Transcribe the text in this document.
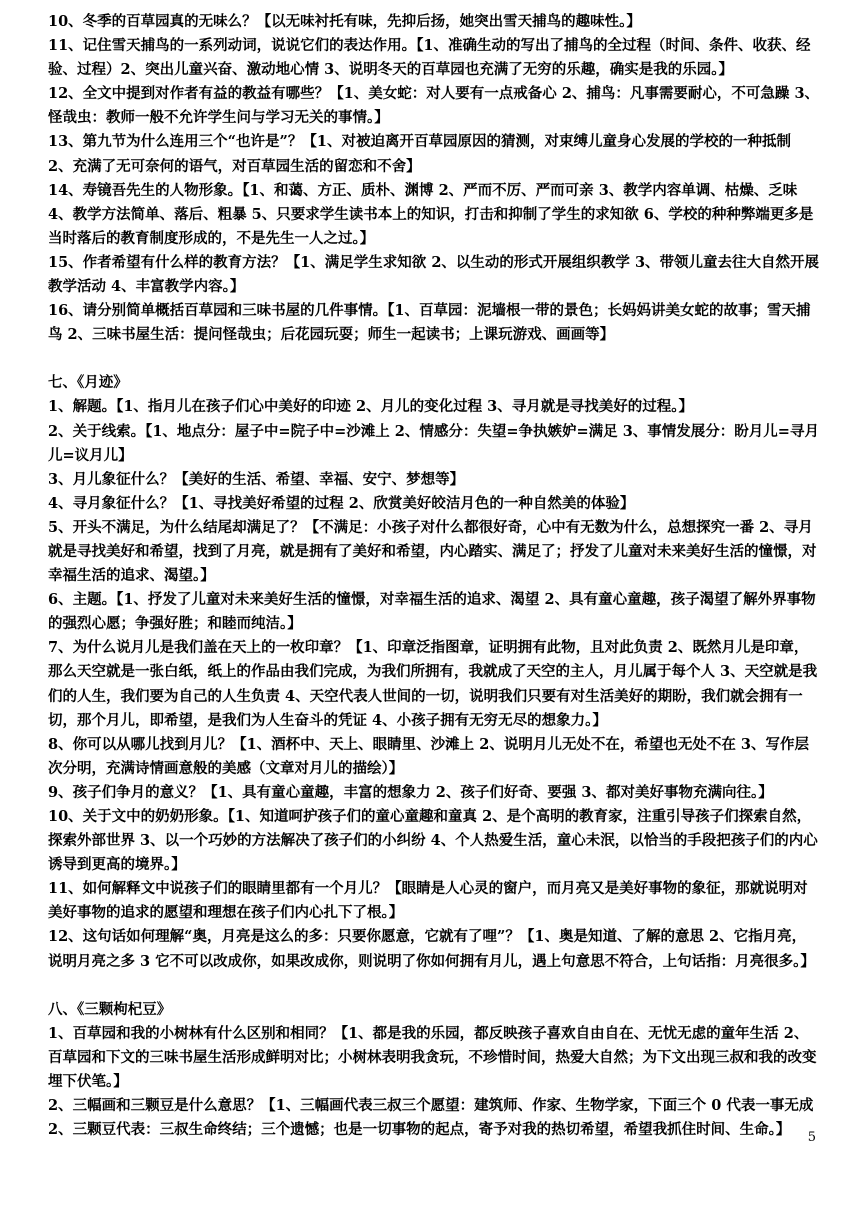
10、冬季的百草园真的无味么？【以无味衬托有味，先抑后扬，她突出雪天捕鸟的趣味性。】

11、记住雪天捕鸟的一系列动词，说说它们的表达作用。【1、准确生动的写出了捕鸟的全过程（时间、条件、收获、经验、过程）2、突出儿童兴奋、激动地心情 3、说明冬天的百草园也充满了无穷的乐趣，确实是我的乐园。】

12、全文中提到对作者有益的教益有哪些？【1、美女蛇：对人要有一点戒备心 2、捕鸟：凡事需要耐心，不可急躁 3、怪哉虫：教师一般不允许学生问与学习无关的事情。】

13、第九节为什么连用三个“也许是”？【1、对被迫离开百草园原因的猜测，对束缚儿童身心发展的学校的一种抵制 2、充满了无可奈何的语气，对百草园生活的留恋和不舍】

14、寿镜吾先生的人物形象。【1、和蔼、方正、质朴、渊博 2、严而不厉、严而可亲 3、教学内容单调、枯燥、乏味 4、教学方法简单、落后、粗暴 5、只要求学生读书本上的知识，打击和抑制了学生的求知欲 6、学校的种种弊端更多是当时落后的教育制度形成的，不是先生一人之过。】

15、作者希望有什么样的教育方法？【1、满足学生求知欲 2、以生动的形式开展组织教学 3、带领儿童去往大自然开展教学活动 4、丰富教学内容。】

16、请分别简单概括百草园和三味书屋的几件事情。【1、百草园：泥墙根一带的景色；长妈妈讲美女蛇的故事；雪天捕鸟 2、三味书屋生活：提问怪哉虫；后花园玩耍；师生一起读书；上课玩游戏、画画等】

七、《月迹》

1、解题。【1、指月儿在孩子们心中美好的印迹 2、月儿的变化过程 3、寻月就是寻找美好的过程。】

2、关于线索。【1、地点分：屋子中=院子中=沙滩上 2、情感分：失望=争执嫉妒=满足 3、事情发展分：盼月儿=寻月儿=议月儿】

3、月儿象征什么？【美好的生活、希望、幸福、安宁、梦想等】

4、寻月象征什么？【1、寻找美好希望的过程 2、欣赏美好皎洁月色的一种自然美的体验】

5、开头不满足，为什么结尾却满足了？【不满足：小孩子对什么都很好奇，心中有无数为什么，总想探究一番 2、寻月就是寻找美好和希望，找到了月亮，就是拥有了美好和希望，内心踏实、满足了；抒发了儿童对未来美好生活的憧憬，对幸福生活的追求、渴望。】

6、主题。【1、抒发了儿童对未来美好生活的憧憬，对幸福生活的追求、渴望 2、具有童心童趣，孩子渴望了解外界事物的强烈心愿；争强好胜；和睦而纯洁。】

7、为什么说月儿是我们盖在天上的一枚印章？【1、印章泛指图章，证明拥有此物，且对此负责 2、既然月儿是印章，那么天空就是一张白纸，纸上的作品由我们完成，为我们所拥有，我就成了天空的主人，月儿属于每个人 3、天空就是我们的人生，我们要为自己的人生负责 4、天空代表人世间的一切，说明我们只要有对生活美好的期盼，我们就会拥有一切，那个月儿，即希望，是我们为人生奋斗的凭证 4、小孩子拥有无穷无尽的想象力。】

8、你可以从哪儿找到月儿？【1、酒杯中、天上、眼睛里、沙滩上 2、说明月儿无处不在，希望也无处不在 3、写作层次分明，充满诗情画意般的美感（文章对月儿的描绘）】

9、孩子们争月的意义？【1、具有童心童趣，丰富的想象力 2、孩子们好奇、要强 3、都对美好事物充满向往。】

10、关于文中的奶奶形象。【1、知道呵护孩子们的童心童趣和童真 2、是个高明的教育家，注重引导孩子们探索自然，探索外部世界 3、以一个巧妙的方法解决了孩子们的小纠纷 4、个人热爱生活，童心未泯，以恰当的手段把孩子们的内心诱导到更高的境界。】

11、如何解释文中说孩子们的眼睛里都有一个月儿？【眼睛是人心灵的窗户，而月亮又是美好事物的象征，那就说明对美好事物的追求的愿望和理想在孩子们内心扎下了根。】

12、这句话如何理解“奥，月亮是这么的多：只要你愿意，它就有了哩”？【1、奥是知道、了解的意思 2、它指月亮，说明月亮之多 3 它不可以改成你，如果改成你，则说明了你如何拥有月儿，遇上句意思不符合，上句话指：月亮很多。】

八、《三颗枸杞豆》

1、百草园和我的小树林有什么区别和相同？【1、都是我的乐园，都反映孩子喜欢自由自在、无忧无虑的童年生活 2、百草园和下文的三味书屋生活形成鲜明对比；小树林表明我贪玩，不珍惜时间，热爱大自然；为下文出现三叔和我的改变埋下伏笔。】

2、三幅画和三颗豆是什么意思？【1、三幅画代表三叔三个愿望：建筑师、作家、生物学家，下面三个 0 代表一事无成 2、三颗豆代表：三叔生命终结；三个遗憾；也是一切事物的起点，寄予对我的热切希望，希望我抓住时间、生命。】	5
